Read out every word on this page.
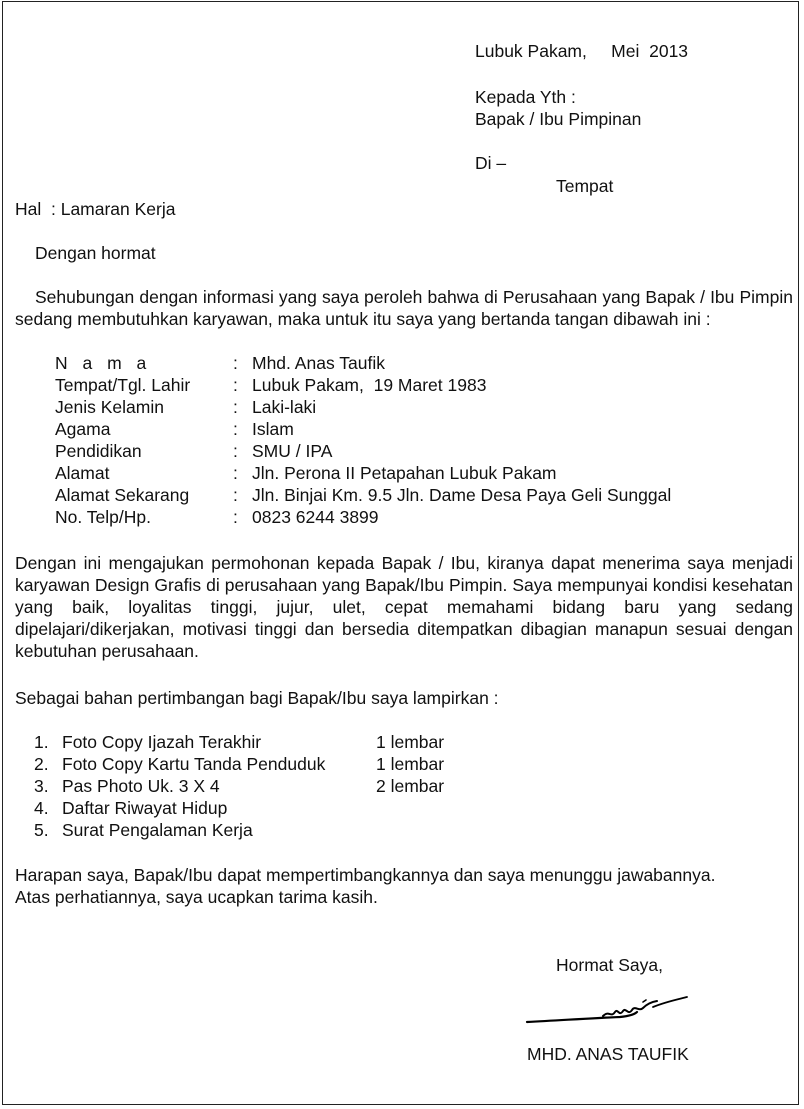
Lubuk Pakam,     Mei  2013
Kepada Yth :
Bapak / Ibu Pimpinan
Di –
Tempat
Hal  : Lamaran Kerja
Dengan hormat
Sehubungan dengan informasi yang saya peroleh bahwa di Perusahaan yang Bapak / Ibu Pimpin sedang membutuhkan karyawan, maka untuk itu saya yang bertanda tangan dibawah ini :
N a m a	: Mhd. Anas Taufik
Tempat/Tgl. Lahir : Lubuk Pakam,  19 Maret 1983
Jenis Kelamin	: Laki-laki
Agama	: Islam
Pendidikan	: SMU / IPA
Alamat	: Jln. Perona II Petapahan Lubuk Pakam
Alamat Sekarang	: Jln. Binjai Km. 9.5 Jln. Dame Desa Paya Geli Sunggal
No. Telp/Hp.	: 0823 6244 3899
Dengan ini mengajukan permohonan kepada Bapak / Ibu, kiranya dapat menerima saya menjadi karyawan Design Grafis di perusahaan yang Bapak/Ibu Pimpin. Saya mempunyai kondisi kesehatan yang baik, loyalitas tinggi, jujur, ulet, cepat memahami bidang baru yang sedang dipelajari/dikerjakan, motivasi tinggi dan bersedia ditempatkan dibagian manapun sesuai dengan kebutuhan perusahaan.
Sebagai bahan pertimbangan bagi Bapak/Ibu saya lampirkan :
1. Foto Copy Ijazah Terakhir	1 lembar
2. Foto Copy Kartu Tanda Penduduk	1 lembar
3. Pas Photo Uk. 3 X 4	2 lembar
4. Daftar Riwayat Hidup
5. Surat Pengalaman Kerja
Harapan saya, Bapak/Ibu dapat mempertimbangkannya dan saya menunggu jawabannya.
Atas perhatiannya, saya ucapkan tarima kasih.
Hormat Saya,
MHD. ANAS TAUFIK
